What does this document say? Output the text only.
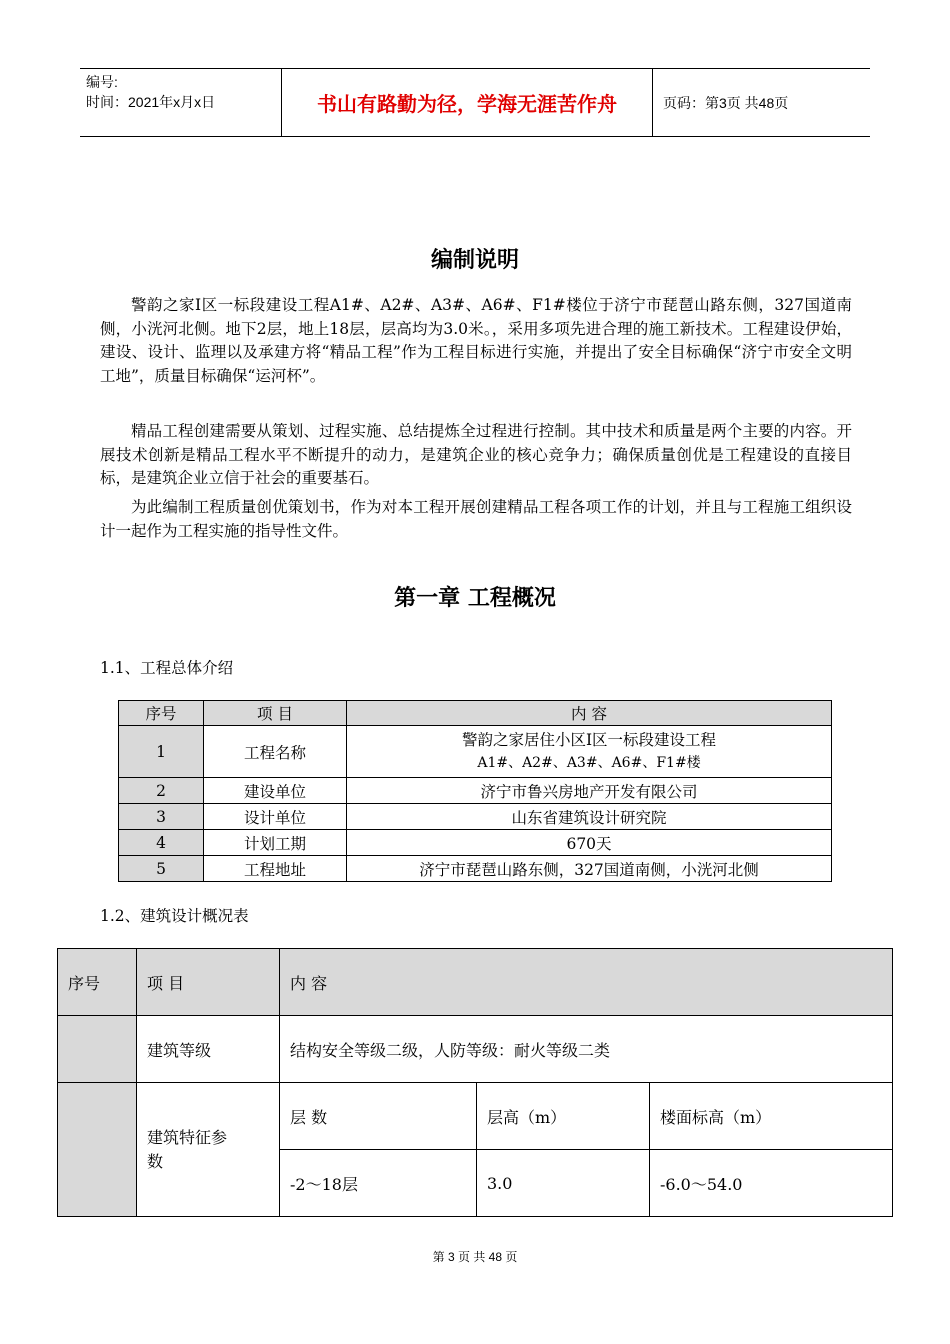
编号:
时间：2021年x月x日	书山有路勤为径，学海无涯苦作舟	页码：第3页 共48页
编制说明

警韵之家Ⅰ区一标段建设工程A1#、A2#、A3#、A6#、F1#楼位于济宁市琵琶山路东侧，327国道南侧，小洸河北侧。地下2层，地上18层，层高均为3.0米。，采用多项先进合理的施工新技术。工程建设伊始，建设、设计、监理以及承建方将“精品工程”作为工程目标进行实施，并提出了安全目标确保“济宁市安全文明工地”，质量目标确保“运河杯”。

精品工程创建需要从策划、过程实施、总结提炼全过程进行控制。其中技术和质量是两个主要的内容。开展技术创新是精品工程水平不断提升的动力，是建筑企业的核心竞争力；确保质量创优是工程建设的直接目标，是建筑企业立信于社会的重要基石。

为此编制工程质量创优策划书，作为对本工程开展创建精品工程各项工作的计划，并且与工程施工组织设计一起作为工程实施的指导性文件。

第一章 工程概况
1.1、工程总体介绍
序号	项 目	内 容
1	工程名称	警韵之家居住小区Ⅰ区一标段建设工程
A1#、A2#、A3#、A6#、F1#楼

2	建设单位	济宁市鲁兴房地产开发有限公司
3	设计单位	山东省建筑设计研究院
4	计划工期	670天
5	工程地址	济宁市琵琶山路东侧，327国道南侧，小洸河北侧
1.2、建筑设计概况表
序号	项 目	内 容		
	建筑等级	结构安全等级二级，人防等级：耐火等级二类		

	建筑特征参数	层 数	层高（m）	楼面标高（m）
		-2～18层	3.0	-6.0～54.0
第 3 页 共 48 页
